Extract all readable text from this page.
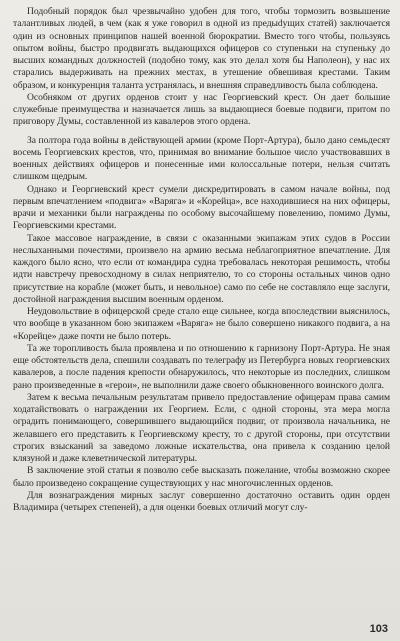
Подобный порядок был чрезвычайно удобен для того, чтобы тормозить возвышение талантливых людей, в чем (как я уже говорил в одной из предыdущих статей) заключается один из основных принципов нашей военной бюрократии. Вместо того чтобы, пользуясь опытом войны, быстро продвигать выдающихся офицеров со ступеньки на ступеньку до высших командных должностей (подобно тому, как это делал хотя бы Наполеон), у нас их старались выдерживать на прежних местах, в утешение обвешивая крестами. Таким образом, и конкуренция таланта устранялась, и внешняя справедливость была соблюдена.

Особняком от других орденов стоит у нас Георгиевский крест. Он дает большие служебные преимущества и назначается лишь за выдающиеся боевые подвиги, притом по приговору Думы, составленной из кавалеров этого ордена.

За полтора года войны в действующей армии (кроме Порт-Артура), было дано семьдесят восемь Георгиевских крестов, что, принимая во внимание большое число участвовавших в военных действиях офицеров и понесенные ими колоссальные потери, нельзя считать слишком щедрым.

Однако и Георгиевский крест сумели дискредитировать в самом начале войны, под первым впечатлением «подвига» «Варяга» и «Корейца», все находившиеся на них офицеры, врачи и механики были награждены по особому высочайшему повелению, помимо Думы, Георгиевскими крестами.

Такое массовое награждение, в связи с оказанными экипажам этих судов в России неслыханными почестями, произвело на армию весьма неблагоприятное впечатление. Для каждого было ясно, что если от командира судна требовалась некоторая решимость, чтобы идти навстречу превосходному в силах неприятелю, то со стороны остальных чинов одно присутствие на корабле (может быть, и невольное) само по себе не составляло еще заслуги, достойной награждения высшим военным орденом.

Неудовольствие в офицерской среде стало еще сильнее, когда впоследствии выяснилось, что вообще в указанном бою экипажем «Варяга» не было совершено никакого подвига, а на «Корейце» даже почти не было потерь.

Та же торопливость была проявлена и по отношению к гарнизону Порт-Артура. Не зная еще обстоятельств дела, спешили создавать по телеграфу из Петербурга новых георгиевских кавалеров, а после падения крепости обнаружилось, что некоторые из последних, слишком рано произведенные в «герои», не выполнили даже своего обыкновенного воинского долга.

Затем к весьма печальным результатам привело предоставление офицерам права самим ходатайствовать о награждении их Георгием. Если, с одной стороны, эта мера могла оградить понимающего, совершившего выдающийся подвиг, от произвола начальника, не желавшего его представить к Георгиевскому кресту, то с другой стороны, при отсутствии строгих взысканий за заведомо ложные искательства, она привела к созданию целой клязуной и даже клеветнической литературы.

В заключение этой статьи я позволю себе высказать пожелание, чтобы возможно скорее было произведено сокращение существующих у нас многочисленных орденов.

Для вознаграждения мирных заслуг совершенно достаточно оставить один орден Владимира (четырех степеней), а для оценки боевых отличий могут слу-

103
